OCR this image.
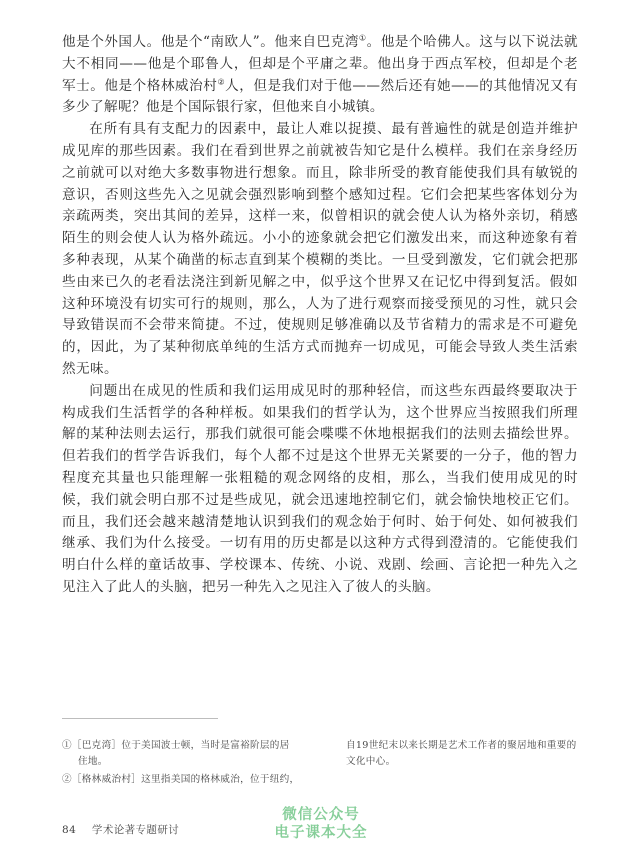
他是个外国人。他是个“南欧人”。他来自巴克湾①。他是个哈佛人。这与以下说法就大不相同——他是个耶鲁人，但却是个平庸之辈。他出身于西点军校，但却是个老军士。他是个格林威治村②人，但是我们对于他——然后还有她——的其他情况又有多少了解呢？他是个国际银行家，但他来自小城镇。

在所有具有支配力的因素中，最让人难以捉摸、最有普遍性的就是创造并维护成见库的那些因素。我们在看到世界之前就被告知它是什么模样。我们在亲身经历之前就可以对绝大多数事物进行想象。而且，除非所受的教育能使我们具有敏锐的意识，否则这些先入之见就会强烈影响到整个感知过程。它们会把某些客体划分为亲疏两类，突出其间的差异，这样一来，似曾相识的就会使人认为格外亲切，稍感陌生的则会使人认为格外疏远。小小的迹象就会把它们激发出来，而这种迹象有着多种表现，从某个确凿的标志直到某个模糊的类比。一旦受到激发，它们就会把那些由来已久的老看法浇注到新见解之中，似乎这个世界又在记忆中得到复活。假如这种环境没有切实可行的规则，那么，人为了进行观察而接受预见的习性，就只会导致错误而不会带来简捷。不过，使规则足够准确以及节省精力的需求是不可避免的，因此，为了某种彻底单纯的生活方式而抛弃一切成见，可能会导致人类生活索然无味。

问题出在成见的性质和我们运用成见时的那种轻信，而这些东西最终要取决于构成我们生活哲学的各种样板。如果我们的哲学认为，这个世界应当按照我们所理解的某种法则去运行，那我们就很可能会喋喋不休地根据我们的法则去描绘世界。但若我们的哲学告诉我们，每个人都不过是这个世界无关紧要的一分子，他的智力程度充其量也只能理解一张粗糙的观念网络的皮相，那么，当我们使用成见的时候，我们就会明白那不过是些成见，就会迅速地控制它们，就会愉快地校正它们。而且，我们还会越来越清楚地认识到我们的观念始于何时、始于何处、如何被我们继承、我们为什么接受。一切有用的历史都是以这种方式得到澄清的。它能使我们明白什么样的童话故事、学校课本、传统、小说、戏剧、绘画、言论把一种先入之见注入了此人的头脑，把另一种先入之见注入了彼人的头脑。

①［巴克湾］位于美国波士顿，当时是富裕阶层的居
住地。
②［格林威治村］这里指美国的格林威治，位于纽约，
自19世纪末以来长期是艺术工作者的聚居地和重要的文化中心。
84 学术论著专题研讨
微信公众号
电子课本大全
